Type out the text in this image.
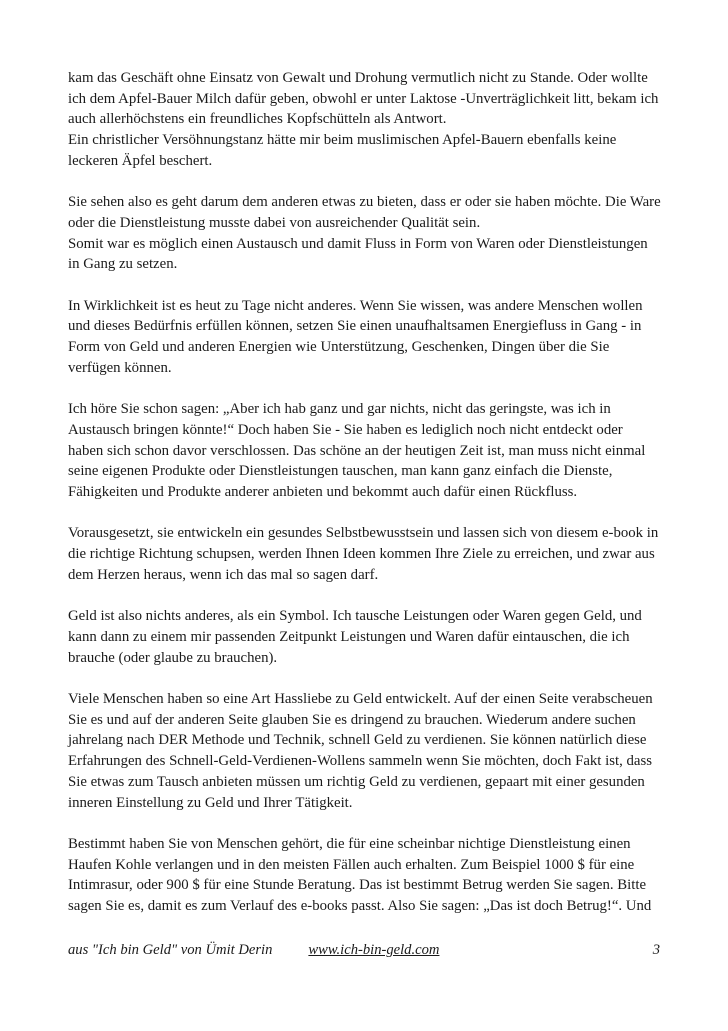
kam das Geschäft ohne Einsatz von Gewalt und Drohung vermutlich nicht zu Stande. Oder wollte ich dem Apfel-Bauer Milch dafür geben, obwohl er unter Laktose -Unverträglichkeit litt, bekam ich auch allerhöchstens ein freundliches Kopfschütteln als Antwort.

Ein christlicher Versöhnungstanz hätte mir beim muslimischen Apfel-Bauern ebenfalls keine leckeren Äpfel beschert.

Sie sehen also es geht darum dem anderen etwas zu bieten, dass er oder sie haben möchte. Die Ware oder die Dienstleistung musste dabei von ausreichender Qualität sein.

Somit war es möglich einen Austausch und damit Fluss in Form von Waren oder Dienstleistungen in Gang zu setzen.

In Wirklichkeit ist es heut zu Tage nicht anderes. Wenn Sie wissen, was andere Menschen wollen und dieses Bedürfnis erfüllen können, setzen Sie einen unaufhaltsamen Energiefluss in Gang - in Form von Geld und anderen Energien wie Unterstützung, Geschenken, Dingen über die Sie verfügen können.

Ich höre Sie schon sagen: „Aber ich hab ganz und gar nichts, nicht das geringste, was ich in Austausch bringen könnte!“ Doch haben Sie - Sie haben es lediglich noch nicht entdeckt oder haben sich schon davor verschlossen. Das schöne an der heutigen Zeit ist, man muss nicht einmal seine eigenen Produkte oder Dienstleistungen tauschen, man kann ganz einfach die Dienste, Fähigkeiten und Produkte anderer anbieten und bekommt auch dafür einen Rückfluss.

Vorausgesetzt, sie entwickeln ein gesundes Selbstbewusstsein und lassen sich von diesem e-book in die richtige Richtung schupsen, werden Ihnen Ideen kommen Ihre Ziele zu erreichen, und zwar aus dem Herzen heraus, wenn ich das mal so sagen darf.

Geld ist also nichts anderes, als ein Symbol. Ich tausche Leistungen oder Waren gegen Geld, und kann dann zu einem mir passenden Zeitpunkt Leistungen und Waren dafür eintauschen, die ich brauche (oder glaube zu brauchen).

Viele Menschen haben so eine Art Hassliebe zu Geld entwickelt. Auf der einen Seite verabscheuen Sie es und auf der anderen Seite glauben Sie es dringend zu brauchen. Wiederum andere suchen jahrelang nach DER Methode und Technik, schnell Geld zu verdienen. Sie können natürlich diese Erfahrungen des Schnell-Geld-Verdienen-Wollens sammeln wenn Sie möchten, doch Fakt ist, dass Sie etwas zum Tausch anbieten müssen um richtig Geld zu verdienen, gepaart mit einer gesunden inneren Einstellung zu Geld und Ihrer Tätigkeit.

Bestimmt haben Sie von Menschen gehört, die für eine scheinbar nichtige Dienstleistung einen Haufen Kohle verlangen und in den meisten Fällen auch erhalten. Zum Beispiel 1000 $ für eine Intimrasur, oder 900 $ für eine Stunde Beratung. Das ist bestimmt Betrug werden Sie sagen. Bitte sagen Sie es, damit es zum Verlauf des e-books passt. Also Sie sagen: „Das ist doch Betrug!“. Und

aus "Ich bin Geld" von Ümit Derin www.ich-bin-geld.com	3
